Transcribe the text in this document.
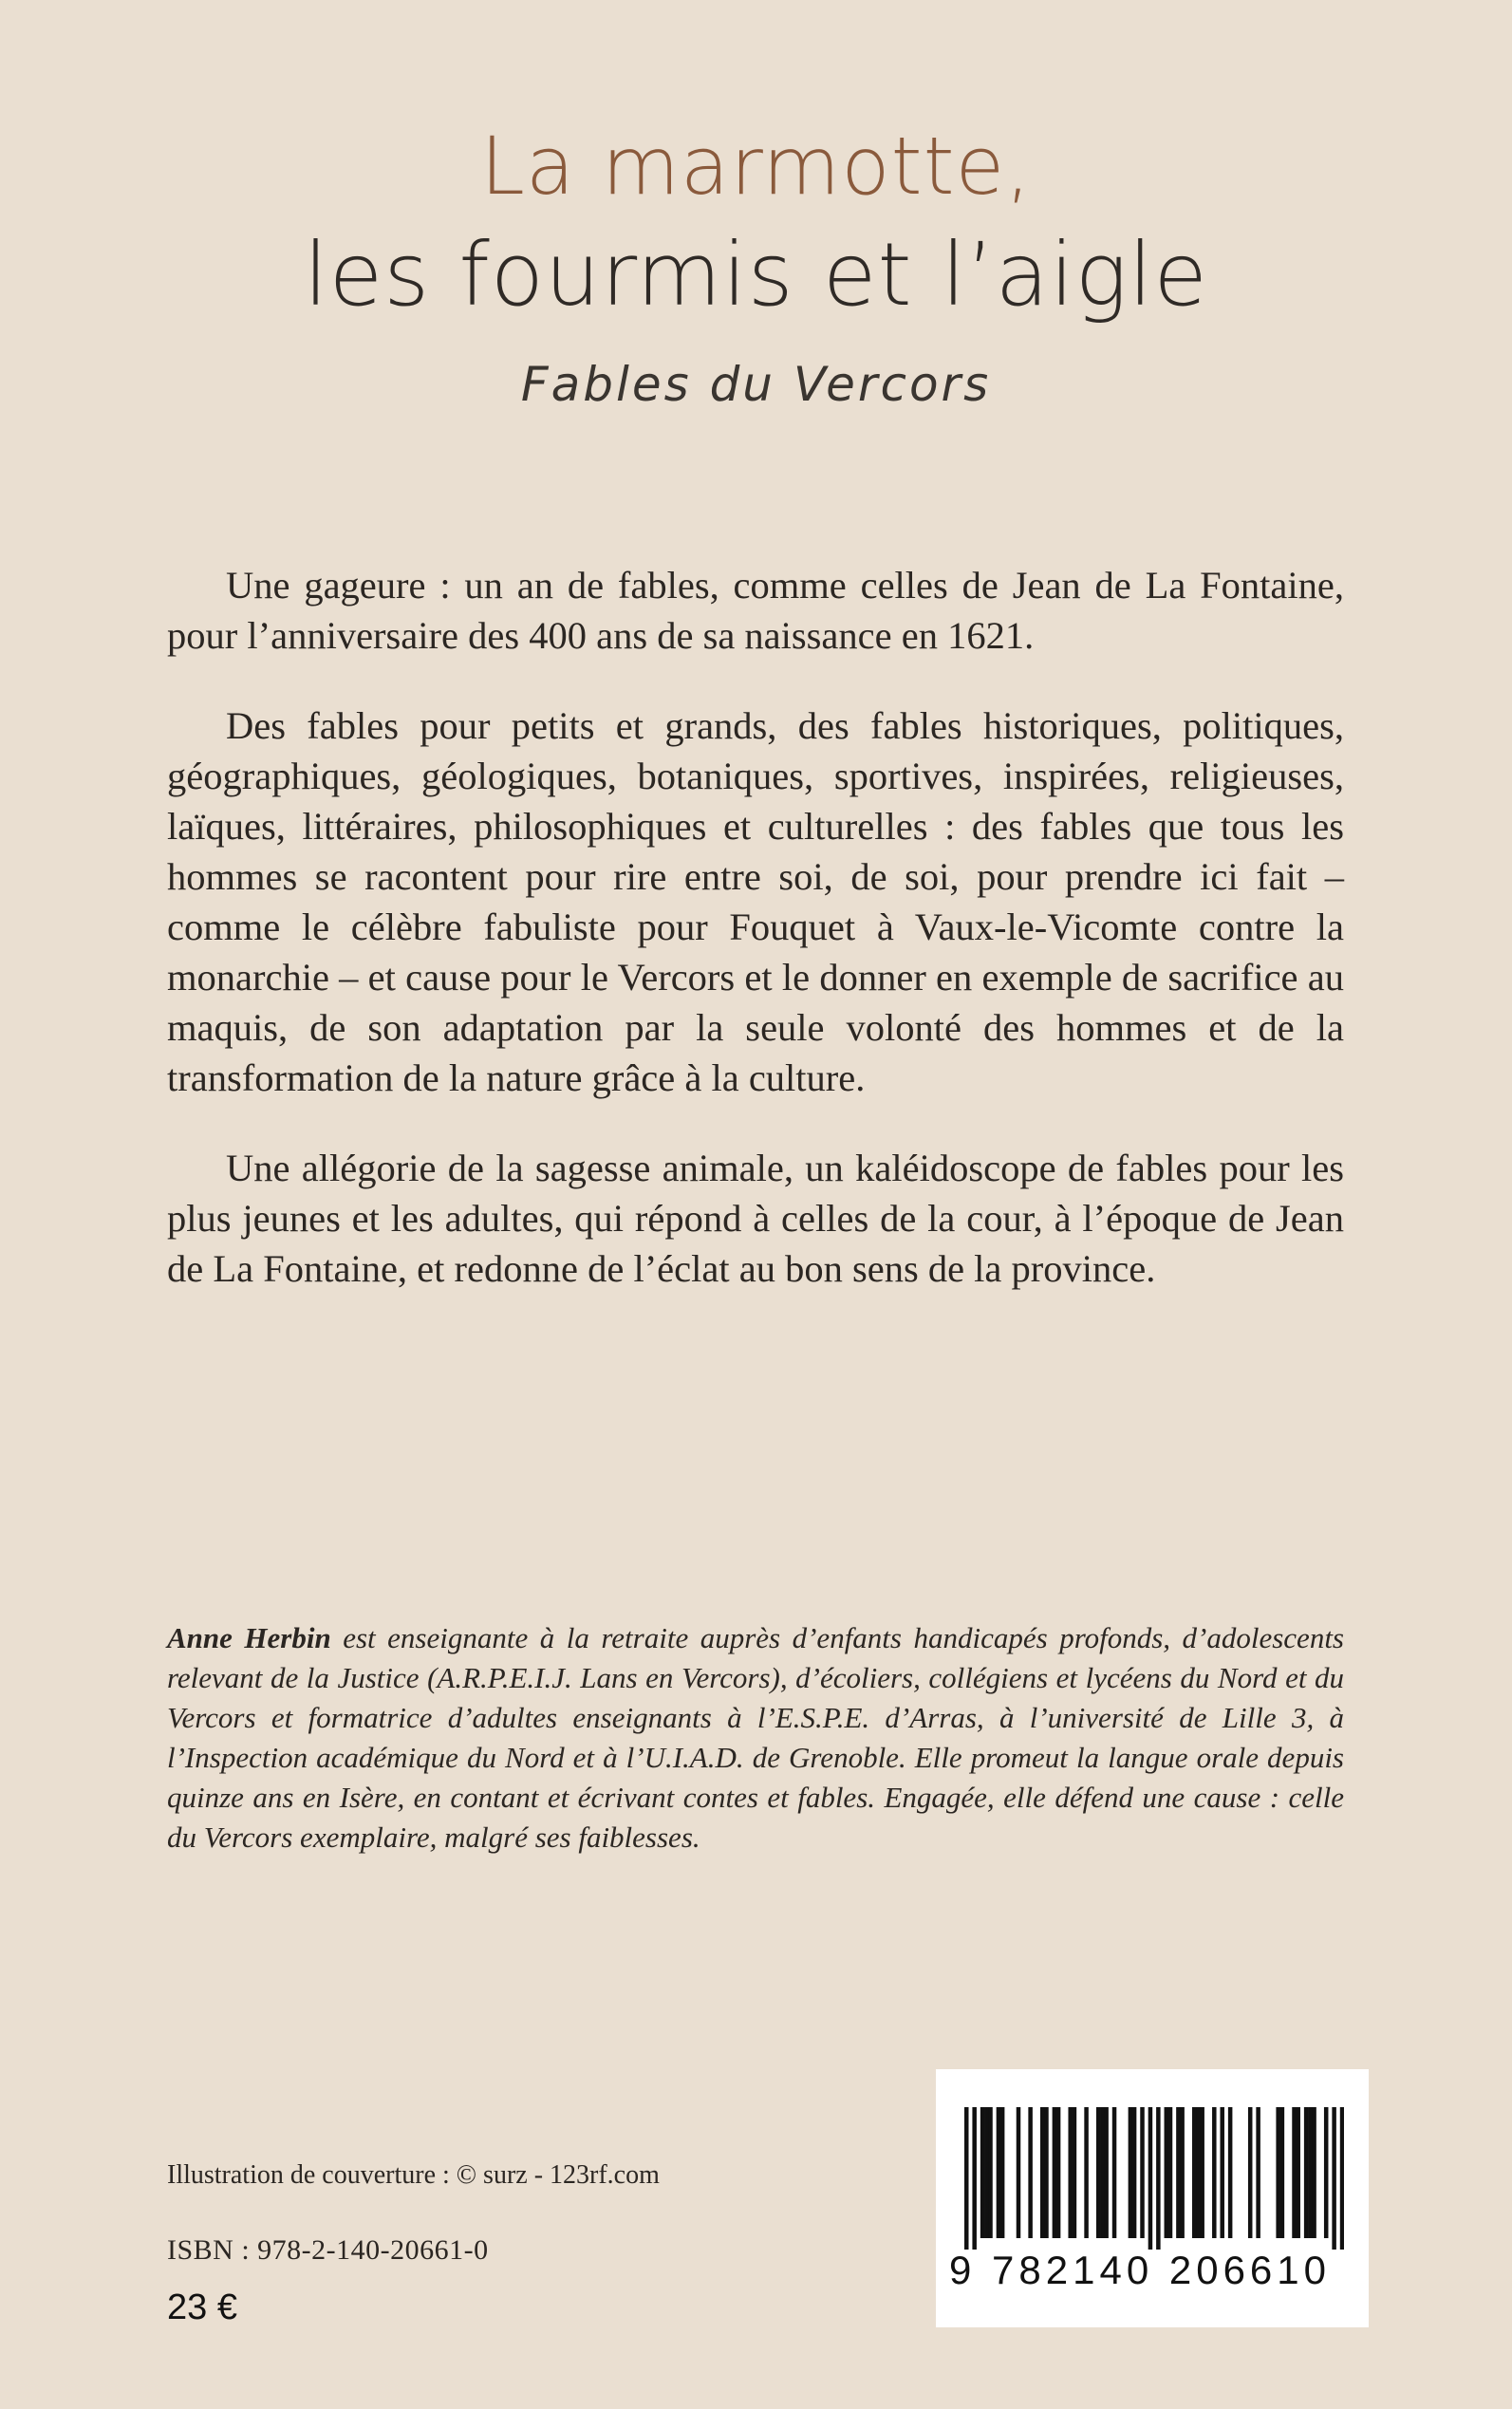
La marmotte,
les fourmis et l’aigle
Fables du Vercors

Une gageure : un an de fables, comme celles de Jean de La Fontaine, pour l’anniversaire des 400 ans de sa naissance en 1621.

Des fables pour petits et grands, des fables historiques, politiques, géographiques, géologiques, botaniques, sportives, inspirées, religieuses, laïques, littéraires, philosophiques et culturelles : des fables que tous les hommes se racontent pour rire entre soi, de soi, pour prendre ici fait – comme le célèbre fabuliste pour Fouquet à Vaux-le-Vicomte contre la monarchie – et cause pour le Vercors et le donner en exemple de sacrifice au maquis, de son adaptation par la seule volonté des hommes et de la transformation de la nature grâce à la culture.

Une allégorie de la sagesse animale, un kaléidoscope de fables pour les plus jeunes et les adultes, qui répond à celles de la cour, à l’époque de Jean de La Fontaine, et redonne de l’éclat au bon sens de la province.

Anne Herbin est enseignante à la retraite auprès d’enfants handicapés profonds, d’adolescents relevant de la Justice (A.R.P.E.I.J. Lans en Vercors), d’écoliers, collégiens et lycéens du Nord et du Vercors et formatrice d’adultes enseignants à l’E.S.P.E. d’Arras, à l’université de Lille 3, à l’Inspection académique du Nord et à l’U.I.A.D. de Grenoble. Elle promeut la langue orale depuis quinze ans en Isère, en contant et écrivant contes et fables. Engagée, elle défend une cause : celle du Vercors exemplaire, malgré ses faiblesses.
Illustration de couverture : © surz - 123rf.com
ISBN : 978-2-140-20661-0
23 €
9 782140 206610
